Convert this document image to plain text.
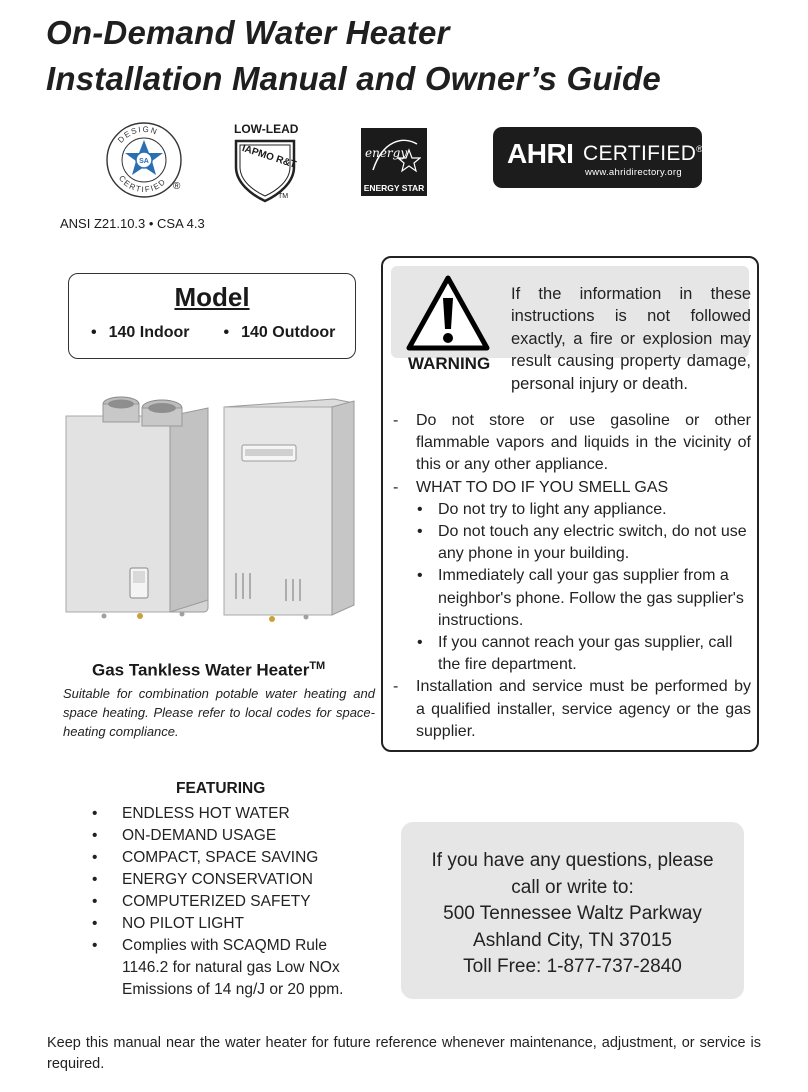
On-Demand Water Heater
Installation Manual and Owner’s Guide
DESIGN
CERTIFIED
SA
®
LOW-LEAD
IAPMO R&T
TM
energy
ENERGY STAR
AHRI CERTIFIED®
www.ahridirectory.org
ANSI Z21.10.3 • CSA 4.3
Model
• 140 Indoor • 140 Outdoor
Gas Tankless Water Heater™
Suitable for combination potable water heating and space heating. Please refer to local codes for space-heating compliance.
WARNING
If the information in these instructions is not followed exactly, a fire or explosion may result causing property damage, personal injury or death.
- Do not store or use gasoline or other flammable vapors and liquids in the vicinity of this or any other appliance.
- WHAT TO DO IF YOU SMELL GAS
• Do not try to light any appliance.
• Do not touch any electric switch, do not use any phone in your building.
• Immediately call your gas supplier from a neighbor's phone. Follow the gas supplier's instructions.
• If you cannot reach your gas supplier, call the fire department.
- Installation and service must be performed by a qualified installer, service agency or the gas supplier.
FEATURING
• ENDLESS HOT WATER
• ON-DEMAND USAGE
• COMPACT, SPACE SAVING
• ENERGY CONSERVATION
• COMPUTERIZED SAFETY
• NO PILOT LIGHT
• Complies with SCAQMD Rule 1146.2 for natural gas Low NOx Emissions of 14 ng/J or 20 ppm.
If you have any questions, please
call or write to:
500 Tennessee Waltz Parkway
Ashland City, TN 37015
Toll Free: 1-877-737-2840
Keep this manual near the water heater for future reference whenever maintenance, adjustment, or service is required.
